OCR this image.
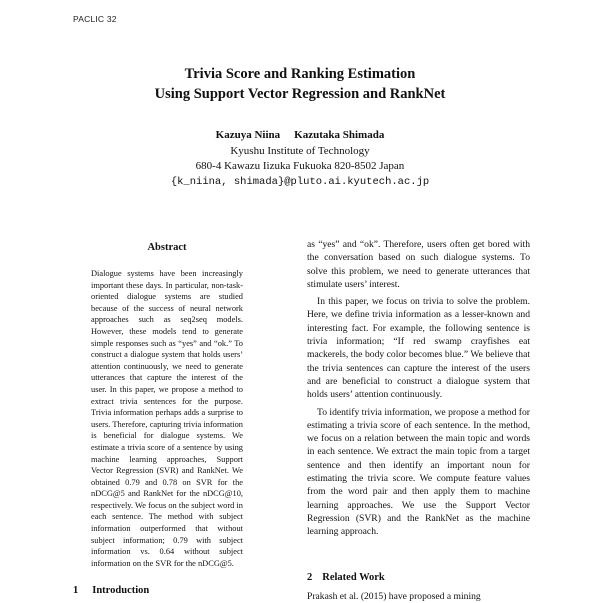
PACLIC 32
Trivia Score and Ranking Estimation
Using Support Vector Regression and RankNet
Kazuya Niina Kazutaka Shimada
Kyushu Institute of Technology
680-4 Kawazu Iizuka Fukuoka 820-8502 Japan
{k_niina, shimada}@pluto.ai.kyutech.ac.jp
Abstract
Dialogue systems have been increasingly important these days. In particular, non-task-oriented dialogue systems are studied because of the success of neural network approaches such as seq2seq models. However, these models tend to generate simple responses such as “yes” and “ok.” To construct a dialogue system that holds users’ attention continuously, we need to generate utterances that capture the interest of the user. In this paper, we propose a method to extract trivia sentences for the purpose. Trivia information perhaps adds a surprise to users. Therefore, capturing trivia information is beneficial for dialogue systems. We estimate a trivia score of a sentence by using machine learning approaches, Support Vector Regression (SVR) and RankNet. We obtained 0.79 and 0.78 on SVR for the nDCG@5 and RankNet for the nDCG@10, respectively. We focus on the subject word in each sentence. The method with subject information outperformed that without subject information; 0.79 with subject information vs. 0.64 without subject information on the SVR for the nDCG@5.
1 Introduction

as “yes” and “ok”. Therefore, users often get bored with the conversation based on such dialogue systems. To solve this problem, we need to generate utterances that stimulate users’ interest.

In this paper, we focus on trivia to solve the problem. Here, we define trivia information as a lesser-known and interesting fact. For example, the following sentence is trivia information; “If red swamp crayfishes eat mackerels, the body color becomes blue.” We believe that the trivia sentences can capture the interest of the users and are beneficial to construct a dialogue system that holds users’ attention continuously.

To identify trivia information, we propose a method for estimating a trivia score of each sentence. In the method, we focus on a relation between the main topic and words in each sentence. We extract the main topic from a target sentence and then identify an important noun for estimating the trivia score. We compute feature values from the word pair and then apply them to machine learning approaches. We use the Support Vector Regression (SVR) and the RankNet as the machine learning approach.

2 Related Work
Prakash et al. (2015) have proposed a mining
